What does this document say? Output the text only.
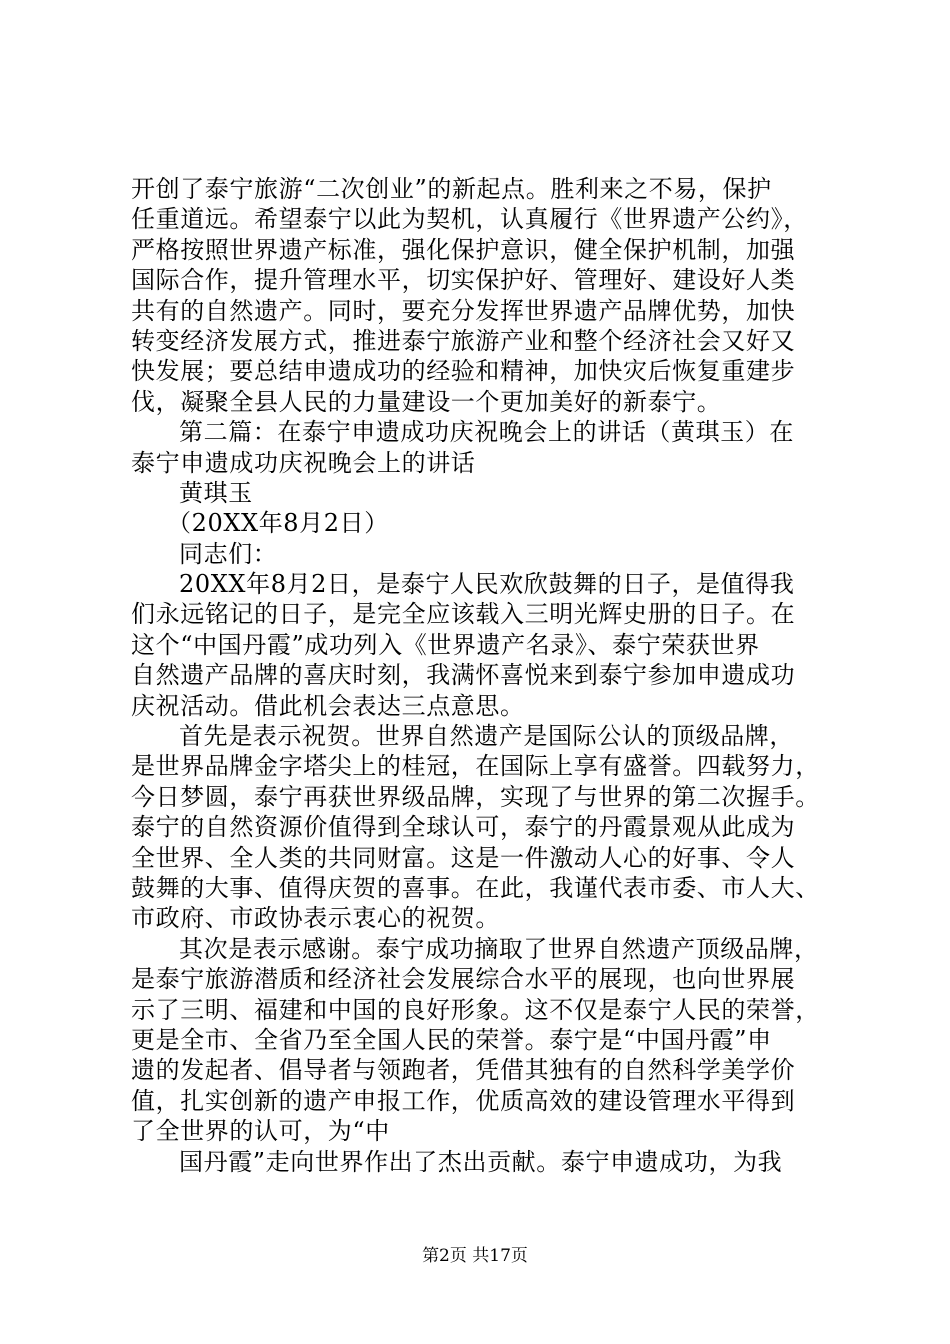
开创了泰宁旅游“二次创业”的新起点。胜利来之不易，保护
任重道远。希望泰宁以此为契机，认真履行《世界遗产公约》，
严格按照世界遗产标准，强化保护意识，健全保护机制，加强
国际合作，提升管理水平，切实保护好、管理好、建设好人类
共有的自然遗产。同时，要充分发挥世界遗产品牌优势，加快
转变经济发展方式，推进泰宁旅游产业和整个经济社会又好又
快发展；要总结申遗成功的经验和精神，加快灾后恢复重建步
伐，凝聚全县人民的力量建设一个更加美好的新泰宁。
第二篇：在泰宁申遗成功庆祝晚会上的讲话（黄琪玉）在
泰宁申遗成功庆祝晚会上的讲话
黄琪玉
（20XX年8月2日）
同志们：
20XX年8月2日，是泰宁人民欢欣鼓舞的日子，是值得我
们永远铭记的日子，是完全应该载入三明光辉史册的日子。在
这个“中国丹霞”成功列入《世界遗产名录》、泰宁荣获世界
自然遗产品牌的喜庆时刻，我满怀喜悦来到泰宁参加申遗成功
庆祝活动。借此机会表达三点意思。
首先是表示祝贺。世界自然遗产是国际公认的顶级品牌，
是世界品牌金字塔尖上的桂冠，在国际上享有盛誉。四载努力，
今日梦圆，泰宁再获世界级品牌，实现了与世界的第二次握手。
泰宁的自然资源价值得到全球认可，泰宁的丹霞景观从此成为
全世界、全人类的共同财富。这是一件激动人心的好事、令人
鼓舞的大事、值得庆贺的喜事。在此，我谨代表市委、市人大、
市政府、市政协表示衷心的祝贺。
其次是表示感谢。泰宁成功摘取了世界自然遗产顶级品牌，
是泰宁旅游潜质和经济社会发展综合水平的展现，也向世界展
示了三明、福建和中国的良好形象。这不仅是泰宁人民的荣誉，
更是全市、全省乃至全国人民的荣誉。泰宁是“中国丹霞”申
遗的发起者、倡导者与领跑者，凭借其独有的自然科学美学价
值，扎实创新的遗产申报工作，优质高效的建设管理水平得到
了全世界的认可，为“中
国丹霞”走向世界作出了杰出贡献。泰宁申遗成功，为我
第2页 共17页
